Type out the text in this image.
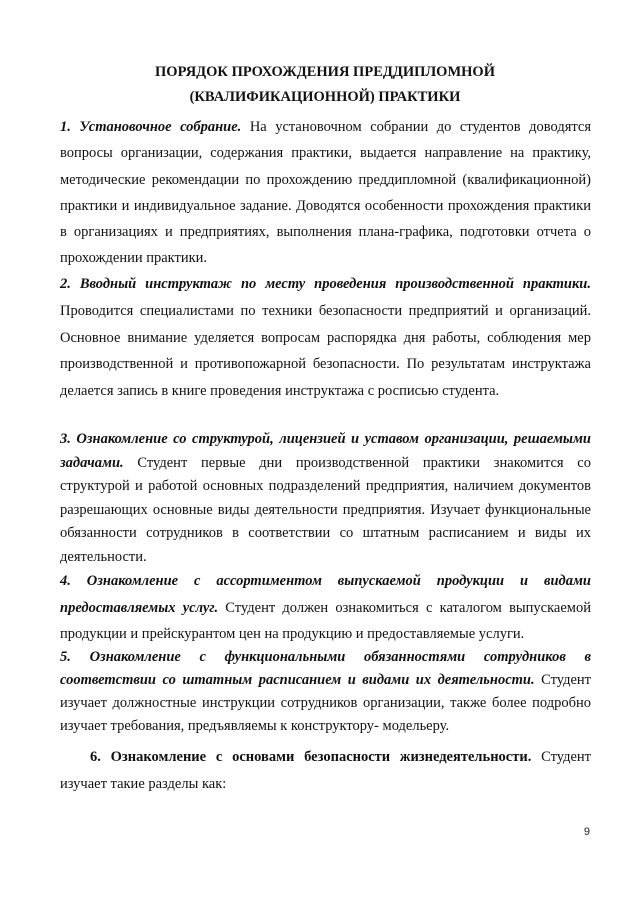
ПОРЯДОК ПРОХОЖДЕНИЯ ПРЕДДИПЛОМНОЙ
(КВАЛИФИКАЦИОННОЙ) ПРАКТИКИ
1. Установочное собрание. На установочном собрании до студентов доводятся вопросы организации, содержания практики, выдается направление на практику, методические рекомендации по прохождению преддипломной (квалификационной) практики и индивидуальное задание. Доводятся особенности прохождения практики в организациях и предприятиях, выполнения плана-графика, подготовки отчета о прохождении практики.
2. Вводный инструктаж по месту проведения производственной практики. Проводится специалистами по техники безопасности предприятий и организаций. Основное внимание уделяется вопросам распорядка дня работы, соблюдения мер производственной и противопожарной безопасности. По результатам инструктажа делается запись в книге проведения инструктажа с росписью студента.
3. Ознакомление со структурой, лицензией и уставом организации, решаемыми задачами. Студент первые дни производственной практики знакомится со структурой и работой основных подразделений предприятия, наличием документов разрешающих основные виды деятельности предприятия. Изучает функциональные обязанности сотрудников в соответствии со штатным расписанием и виды их деятельности.
4. Ознакомление с ассортиментом выпускаемой продукции и видами предоставляемых услуг. Студент должен ознакомиться с каталогом выпускаемой продукции и прейскурантом цен на продукцию и предоставляемые услуги.
5. Ознакомление с функциональными обязанностями сотрудников в соответствии со штатным расписанием и видами их деятельности. Студент изучает должностные инструкции сотрудников организации, также более подробно изучает требования, предъявляемы к конструктору- модельеру.
6. Ознакомление с основами безопасности жизнедеятельности. Студент изучает такие разделы как:
9
